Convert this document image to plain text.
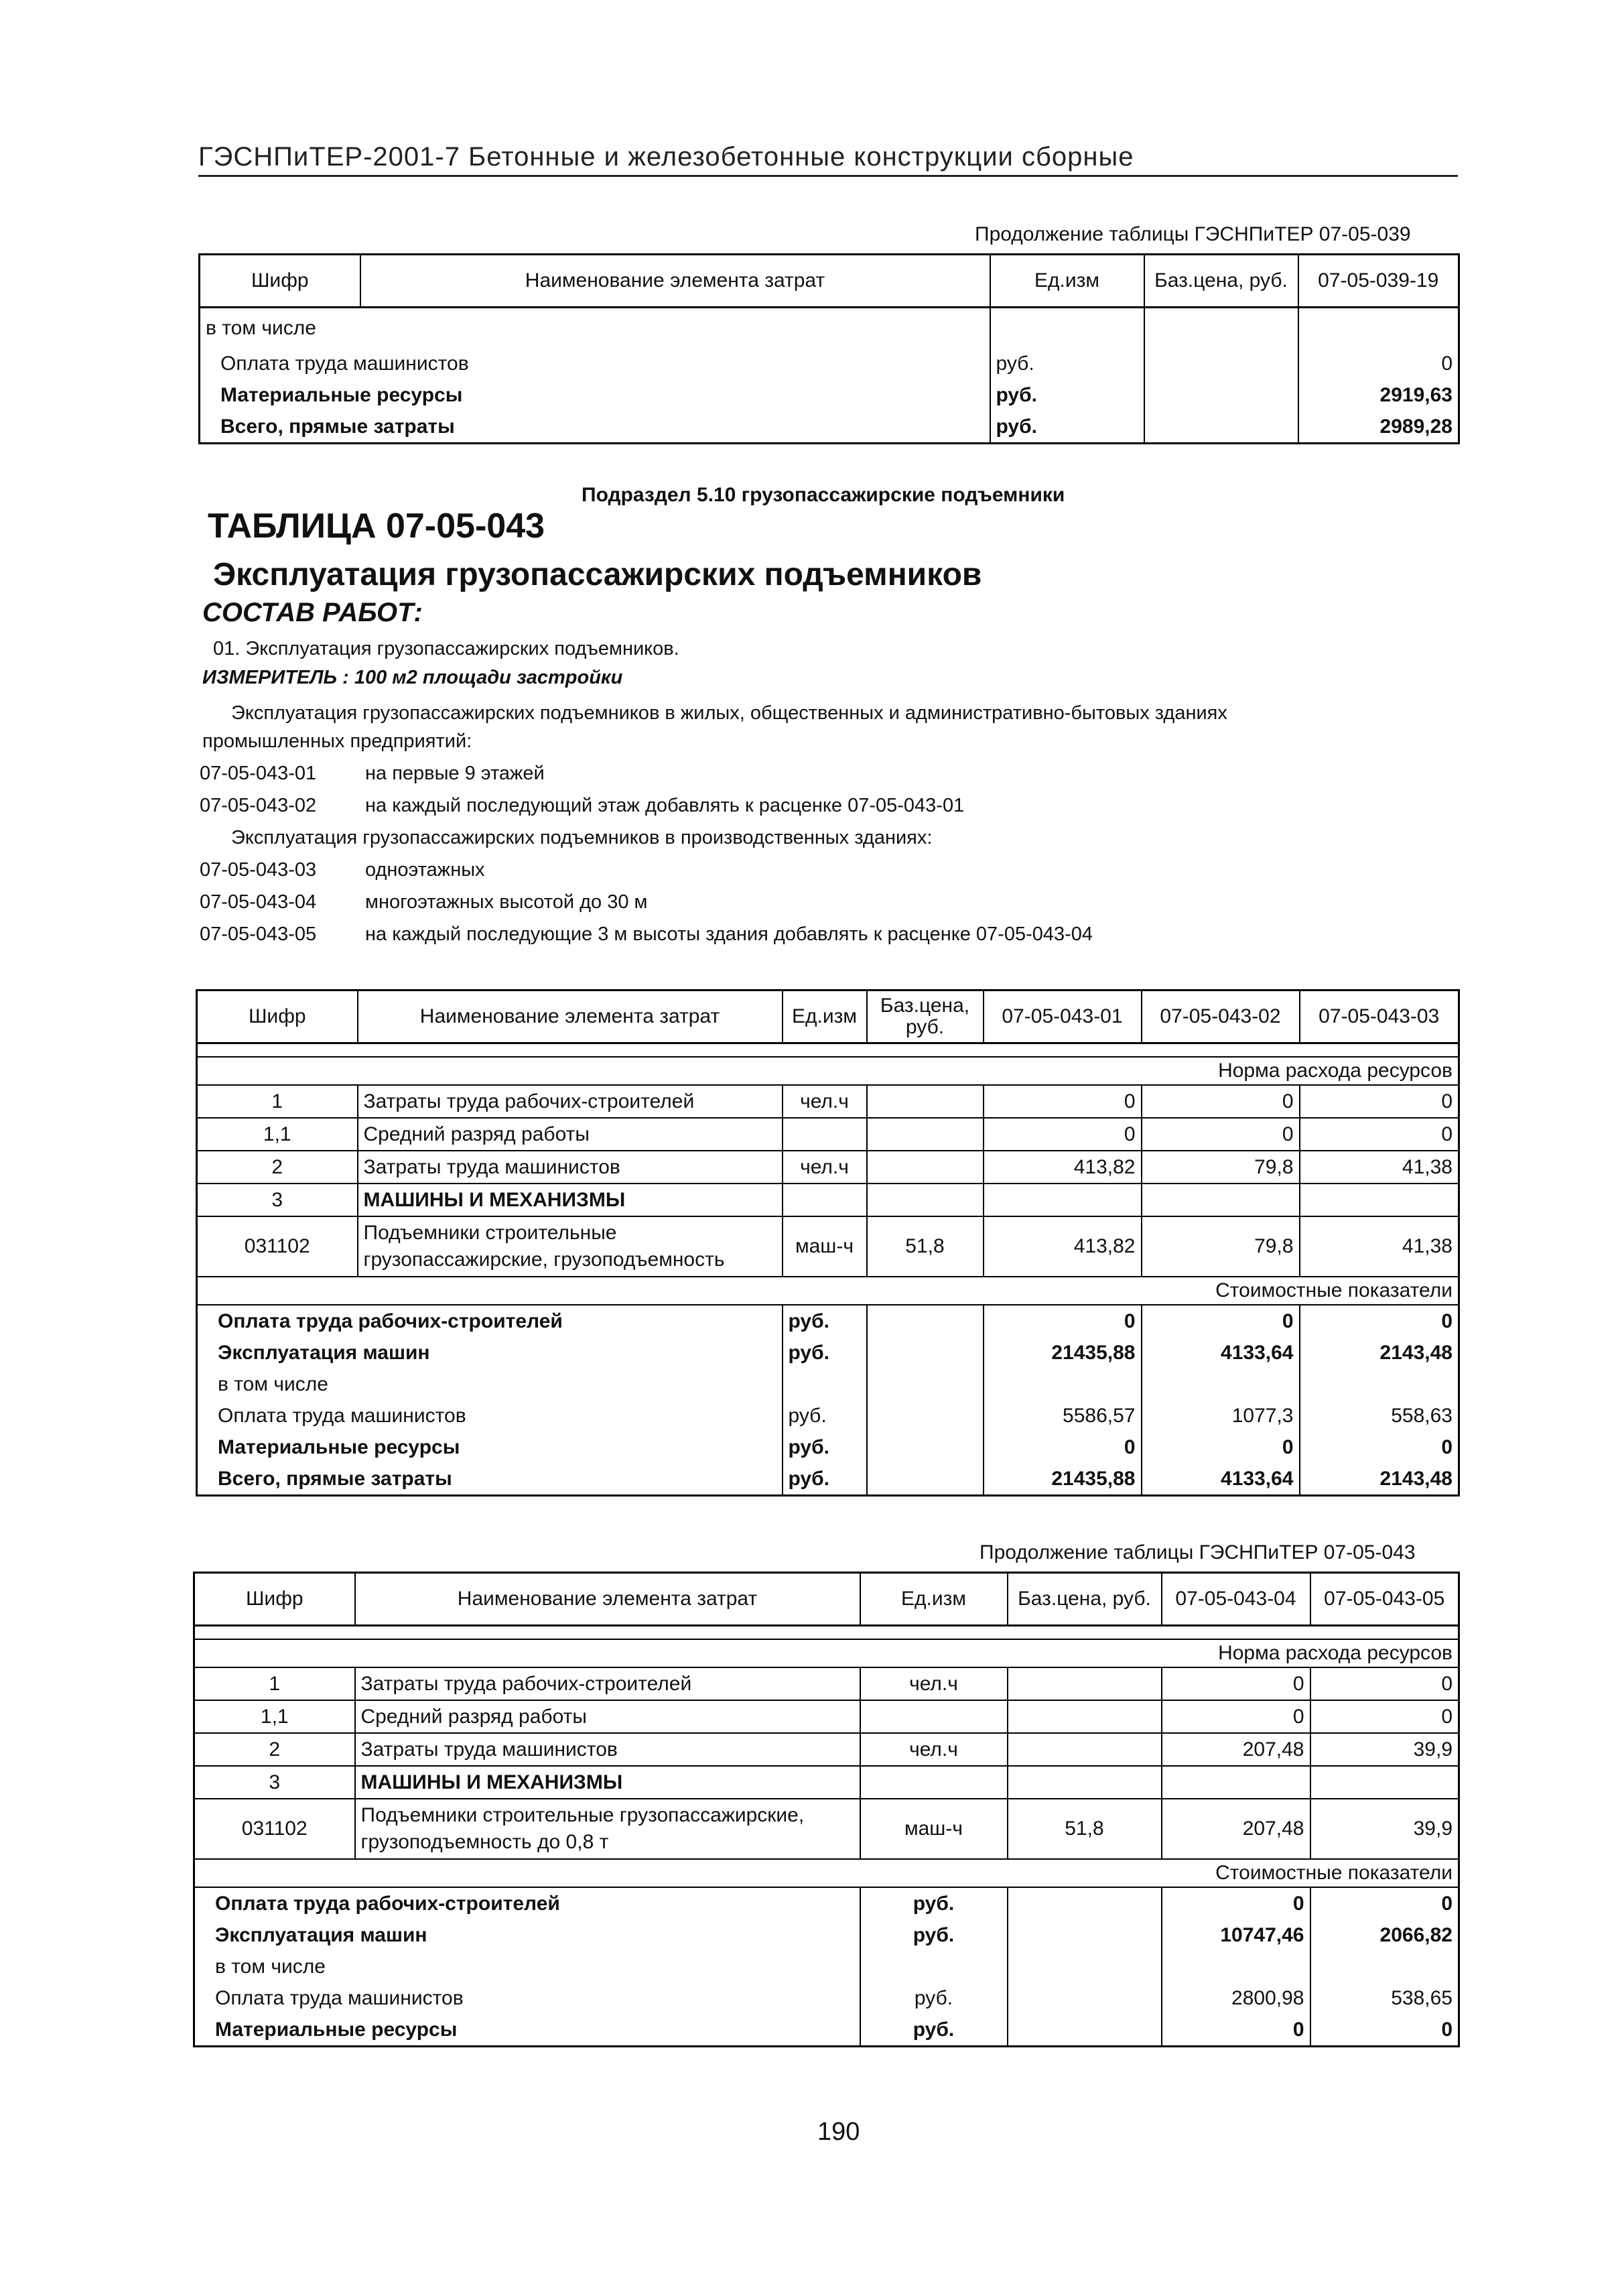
ГЭСНПиТЕР-2001-7 Бетонные и железобетонные конструкции сборные
Продолжение таблицы ГЭСНПиТЕР 07-05-039
Шифр	Наименование элемента затрат	Ед.изм	Баз.цена, руб.	07-05-039-19
в том числе				
Оплата труда машинистов		руб.		0
Материальные ресурсы		руб.		2919,63
Всего, прямые затраты		руб.		2989,28
Подраздел 5.10 грузопассажирские подъемники
ТАБЛИЦА 07-05-043
Эксплуатация грузопассажирских подъемников
СОСТАВ РАБОТ:
01. Эксплуатация грузопассажирских подъемников.
ИЗМЕРИТЕЛЬ : 100 м2 площади застройки
Эксплуатация грузопассажирских подъемников в жилых, общественных и административно-бытовых зданиях
промышленных предприятий:
07-05-043-01	на первые 9 этажей
07-05-043-02	на каждый последующий этаж добавлять к расценке 07-05-043-01
Эксплуатация грузопассажирских подъемников в производственных зданиях:
07-05-043-03	одноэтажных
07-05-043-04	многоэтажных высотой до 30 м
07-05-043-05	на каждый последующие 3 м высоты здания добавлять к расценке 07-05-043-04
Шифр	Наименование элемента затрат	Ед.изм	Баз.цена, руб.	07-05-043-01	07-05-043-02	07-05-043-03

Норма расхода ресурсов						
1	Затраты труда рабочих-строителей	чел.ч		0	0	0
1,1	Средний разряд работы			0	0	0
2	Затраты труда машинистов	чел.ч		413,82	79,8	41,38
3	МАШИНЫ И МЕХАНИЗМЫ					
031102	Подъемники строительные грузопассажирские, грузоподъемность	маш-ч	51,8	413,82	79,8	41,38
Стоимостные показатели						
Оплата труда рабочих-строителей		руб.		0	0	0
Эксплуатация машин		руб.		21435,88	4133,64	2143,48
в том числе						
Оплата труда машинистов		руб.		5586,57	1077,3	558,63
Материальные ресурсы		руб.		0	0	0
Всего, прямые затраты		руб.		21435,88	4133,64	2143,48
Продолжение таблицы ГЭСНПиТЕР 07-05-043
Шифр	Наименование элемента затрат	Ед.изм	Баз.цена, руб.	07-05-043-04	07-05-043-05

Норма расхода ресурсов					
1	Затраты труда рабочих-строителей	чел.ч		0	0
1,1	Средний разряд работы			0	0
2	Затраты труда машинистов	чел.ч		207,48	39,9
3	МАШИНЫ И МЕХАНИЗМЫ				
031102	Подъемники строительные грузопассажирские, грузоподъемность до 0,8 т	маш-ч	51,8	207,48	39,9
Стоимостные показатели					
Оплата труда рабочих-строителей		руб.		0	0
Эксплуатация машин		руб.		10747,46	2066,82
в том числе					
Оплата труда машинистов		руб.		2800,98	538,65
Материальные ресурсы		руб.		0	0
190
